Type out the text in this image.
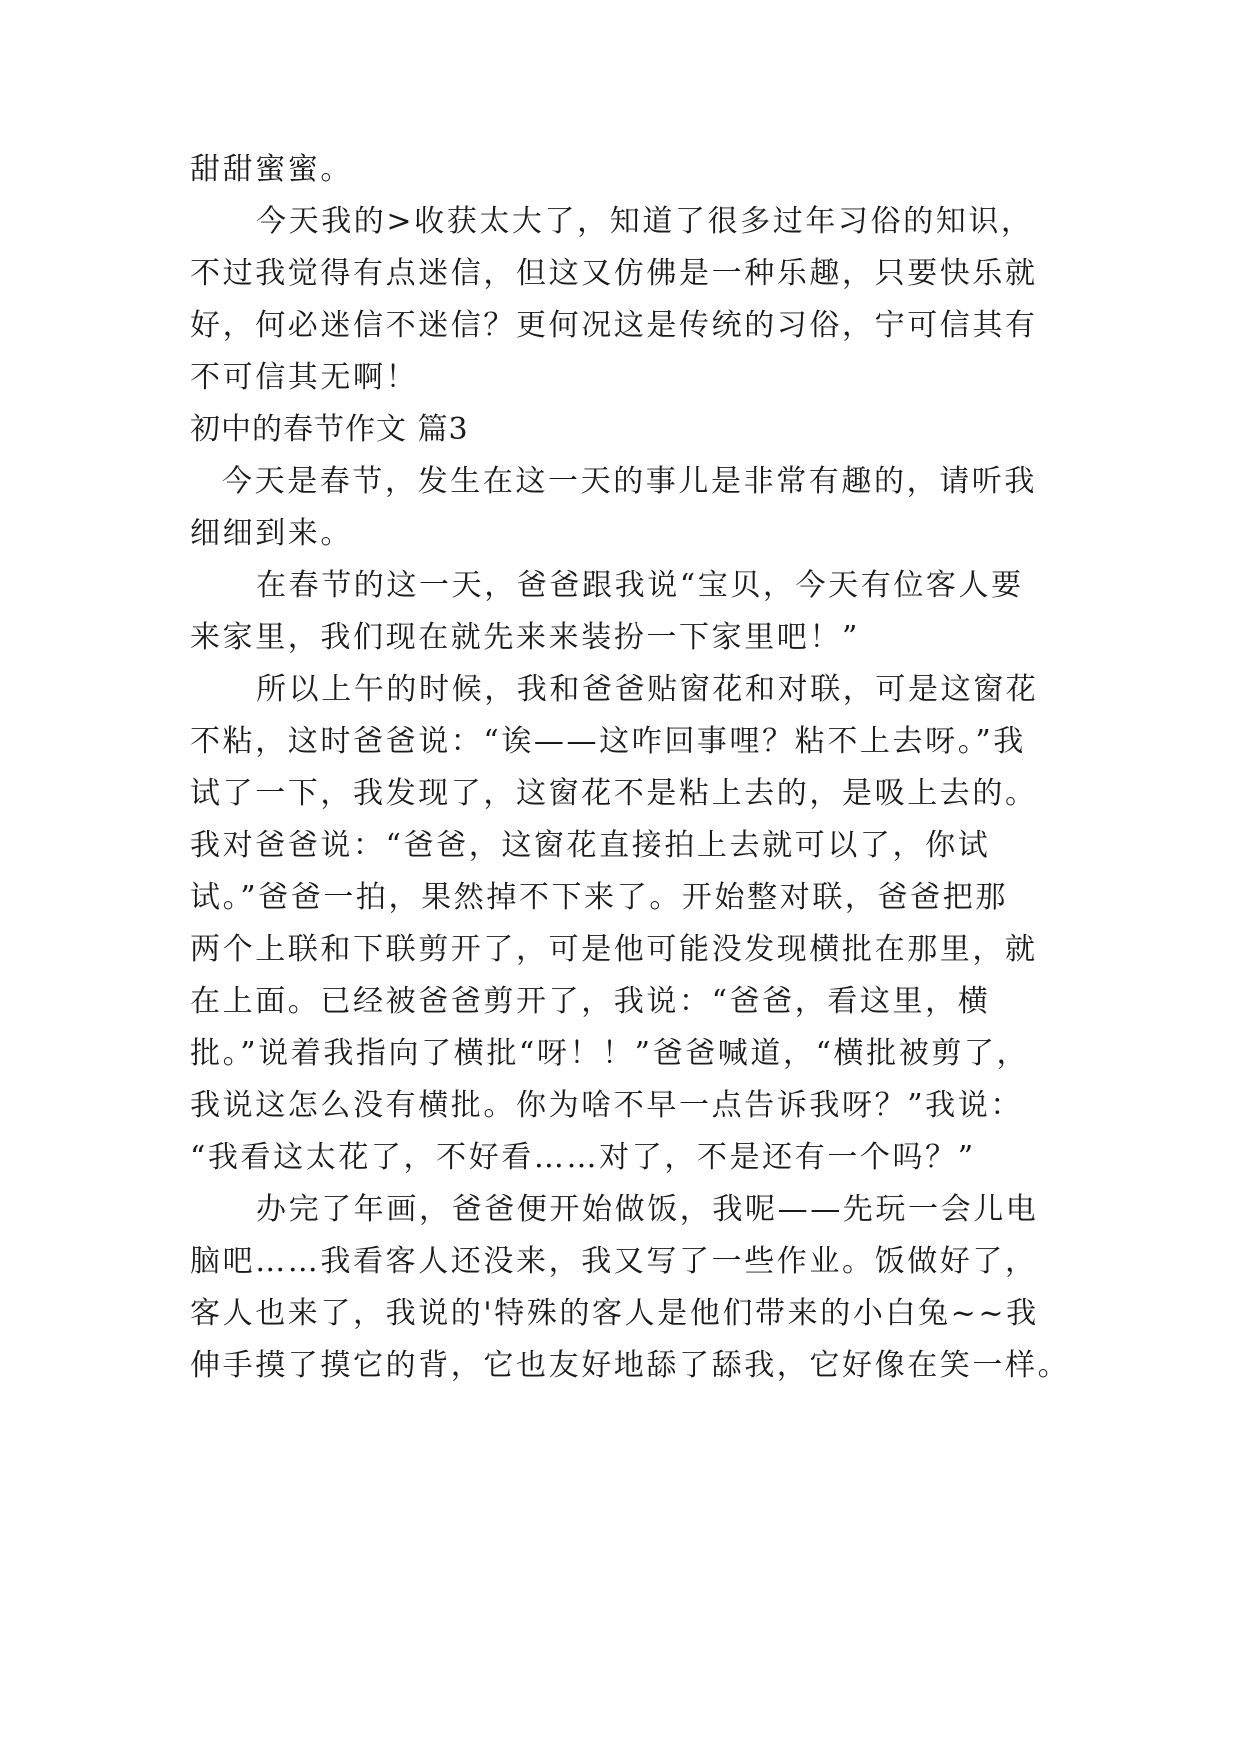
甜甜蜜蜜。
今天我的>收获太大了，知道了很多过年习俗的知识，
不过我觉得有点迷信，但这又仿佛是一种乐趣，只要快乐就
好，何必迷信不迷信？更何况这是传统的习俗，宁可信其有
不可信其无啊！
初中的春节作文 篇3
今天是春节，发生在这一天的事儿是非常有趣的，请听我
细细到来。
在春节的这一天，爸爸跟我说“宝贝，今天有位客人要
来家里，我们现在就先来来装扮一下家里吧！”
所以上午的时候，我和爸爸贴窗花和对联，可是这窗花
不粘，这时爸爸说：“诶——这咋回事哩？粘不上去呀。”我
试了一下，我发现了，这窗花不是粘上去的，是吸上去的。
我对爸爸说：“爸爸，这窗花直接拍上去就可以了，你试
试。”爸爸一拍，果然掉不下来了。开始整对联，爸爸把那
两个上联和下联剪开了，可是他可能没发现横批在那里，就
在上面。已经被爸爸剪开了，我说：“爸爸，看这里，横
批。”说着我指向了横批“呀！！”爸爸喊道，“横批被剪了，
我说这怎么没有横批。你为啥不早一点告诉我呀？”我说：
“我看这太花了，不好看……对了，不是还有一个吗？”
办完了年画，爸爸便开始做饭，我呢——先玩一会儿电
脑吧……我看客人还没来，我又写了一些作业。饭做好了，
客人也来了，我说的'特殊的客人是他们带来的小白兔~~我
伸手摸了摸它的背，它也友好地舔了舔我，它好像在笑一样。
